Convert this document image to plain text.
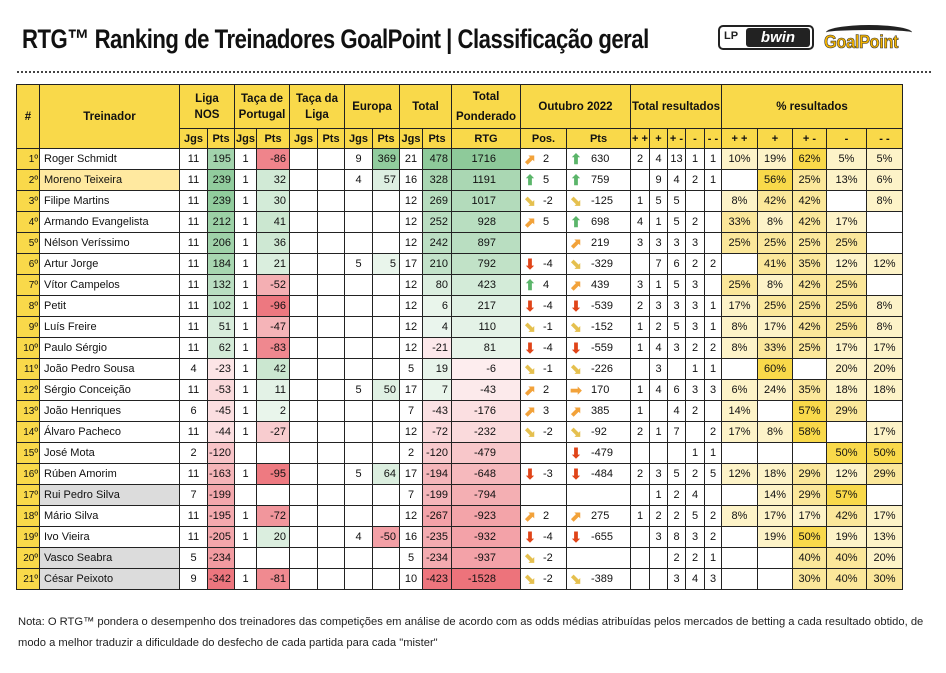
RTG™ Ranking de Treinadores GoalPoint | Classificação geral	LP	bwin	GoalPoint
#	Treinador	Liga NOS		Taça de Portugal		Taça da Liga		Europa		Total		Total Ponderado	Outubro 2022		Total resultados					% resultados				
		Jgs	Pts	Jgs	Pts	Jgs	Pts	Jgs	Pts	Jgs	Pts	RTG	Pos.	Pts	+ +	+	+ -	-	- -	+ +	+	+ -	-	- -
1º	Roger Schmidt	11	195	1	-86			9	369	21	478	1716	⬈ 2	⬆ 630	2	4	13	1	1	10%	19%	62%	5%	5%
2º	Moreno Teixeira	11	239	1	32			4	57	16	328	1191	⬆ 5	⬆ 759		9	4	2	1		56%	25%	13%	6%
3º	Filipe Martins	11	239	1	30					12	269	1017	⬊ -2	⬊ -125	1	5	5			8%	42%	42%		8%
4º	Armando Evangelista	11	212	1	41					12	252	928	⬈ 5	⬆ 698	4	1	5	2		33%	8%	42%	17%	
5º	Nélson Veríssimo	11	206	1	36					12	242	897		⬈ 219	3	3	3	3		25%	25%	25%	25%	
6º	Artur Jorge	11	184	1	21			5	5	17	210	792	⬇ -4	⬊ -329		7	6	2	2		41%	35%	12%	12%
7º	Vítor Campelos	11	132	1	-52					12	80	423	⬆ 4	⬈ 439	3	1	5	3		25%	8%	42%	25%	
8º	Petit	11	102	1	-96					12	6	217	⬇ -4	⬇ -539	2	3	3	3	1	17%	25%	25%	25%	8%
9º	Luís Freire	11	51	1	-47					12	4	110	⬊ -1	⬊ -152	1	2	5	3	1	8%	17%	42%	25%	8%
10º	Paulo Sérgio	11	62	1	-83					12	-21	81	⬇ -4	⬇ -559	1	4	3	2	2	8%	33%	25%	17%	17%
11º	João Pedro Sousa	4	-23	1	42					5	19	-6	⬊ -1	⬊ -226		3		1	1		60%		20%	20%
12º	Sérgio Conceição	11	-53	1	11			5	50	17	7	-43	⬈ 2	➡ 170	1	4	6	3	3	6%	24%	35%	18%	18%
13º	João Henriques	6	-45	1	2					7	-43	-176	⬈ 3	⬈ 385	1		4	2		14%		57%	29%	
14º	Álvaro Pacheco	11	-44	1	-27					12	-72	-232	⬊ -2	⬊ -92	2	1	7		2	17%	8%	58%		17%
15º	José Mota	2	-120							2	-120	-479		⬇ -479				1	1				50%	50%
16º	Rúben Amorim	11	-163	1	-95			5	64	17	-194	-648	⬇ -3	⬇ -484	2	3	5	2	5	12%	18%	29%	12%	29%
17º	Rui Pedro Silva	7	-199							7	-199	-794				1	2	4			14%	29%	57%	
18º	Mário Silva	11	-195	1	-72					12	-267	-923	⬈ 2	⬈ 275	1	2	2	5	2	8%	17%	17%	42%	17%
19º	Ivo Vieira	11	-205	1	20			4	-50	16	-235	-932	⬇ -4	⬇ -655		3	8	3	2		19%	50%	19%	13%
20º	Vasco Seabra	5	-234							5	-234	-937	⬊ -2				2	2	1			40%	40%	20%
21º	César Peixoto	9	-342	1	-81					10	-423	-1528	⬊ -2	⬊ -389			3	4	3			30%	40%	30%
Nota: O RTG™ pondera o desempenho dos treinadores das competições em análise de acordo com as odds médias atribuídas pelos mercados de betting a cada resultado obtido, de modo a melhor traduzir a dificuldade do desfecho de cada partida para cada "mister"
